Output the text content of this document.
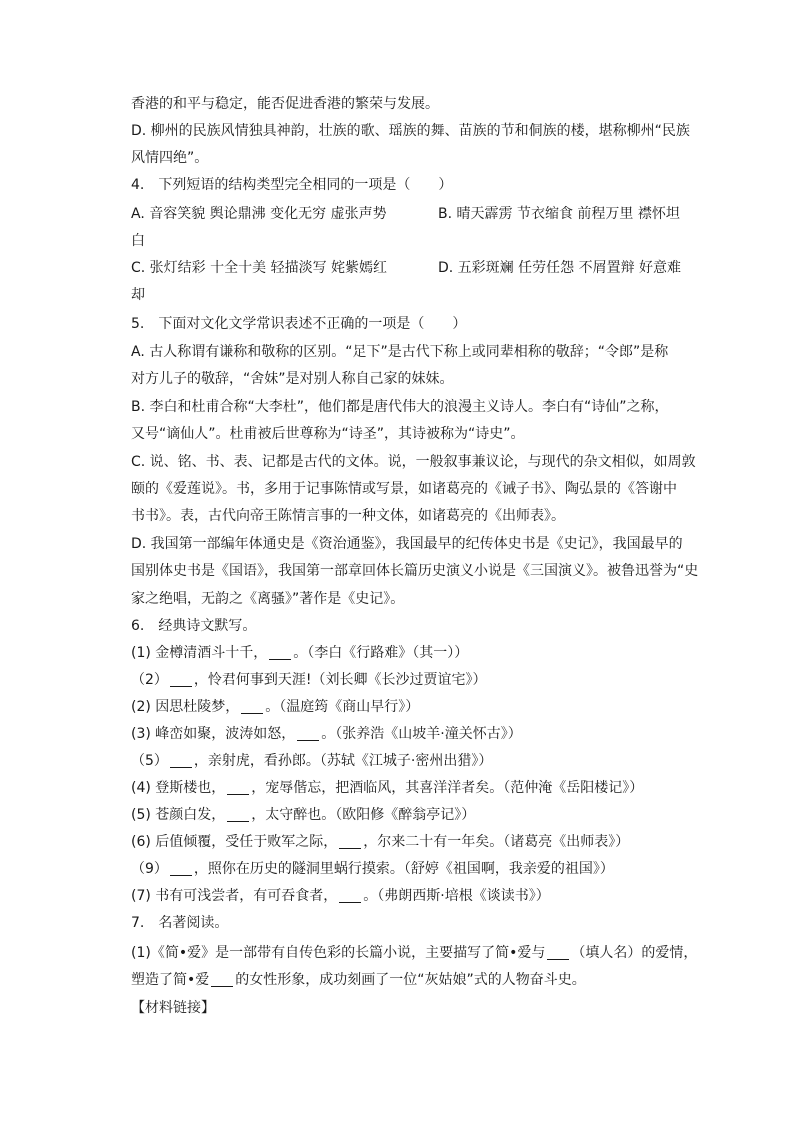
香港的和平与稳定，能否促进香港的繁荣与发展。
D. 柳州的民族风情独具神韵，壮族的歌、瑶族的舞、苗族的节和侗族的楼，堪称柳州“民族
风情四绝”。
4.　下列短语的结构类型完全相同的一项是（　　）
A. 音容笑貌 舆论鼎沸 变化无穷 虚张声势	B. 晴天霹雳 节衣缩食 前程万里 襟怀坦
白
C. 张灯结彩 十全十美 轻描淡写 姹紫嫣红	D. 五彩斑斓 任劳任怨 不屑置辩 好意难
却
5.　下面对文化文学常识表述不正确的一项是（　　）
A. 古人称谓有谦称和敬称的区别。“足下”是古代下称上或同辈相称的敬辞；“令郎”是称
对方儿子的敬辞，“舍妹”是对别人称自己家的妹妹。
B. 李白和杜甫合称“大李杜”，他们都是唐代伟大的浪漫主义诗人。李白有“诗仙”之称，
又号“谪仙人”。杜甫被后世尊称为“诗圣”，其诗被称为“诗史”。
C. 说、铭、书、表、记都是古代的文体。说，一般叙事兼议论，与现代的杂文相似，如周敦
颐的《爱莲说》。书，多用于记事陈情或写景，如诸葛亮的《诫子书》、陶弘景的《答谢中
书书》。表，古代向帝王陈情言事的一种文体，如诸葛亮的《出师表》。
D. 我国第一部编年体通史是《资治通鉴》，我国最早的纪传体史书是《史记》，我国最早的
国别体史书是《国语》，我国第一部章回体长篇历史演义小说是《三国演义》。被鲁迅誉为“史
家之绝唱，无韵之《离骚》”著作是《史记》。
6.　经典诗文默写。
(1) 金樽清酒斗十千， 。（李白《行路难》（其一））
（2） ，怜君何事到天涯!（刘长卿《长沙过贾谊宅》）
(2) 因思杜陵梦， 。（温庭筠《商山早行》）
(3) 峰峦如聚，波涛如怒， 。（张养浩《山坡羊·潼关怀古》）
（5） ，亲射虎，看孙郎。（苏轼《江城子·密州出猎》）
(4) 登斯楼也， ，宠辱偕忘，把酒临风，其喜洋洋者矣。（范仲淹《岳阳楼记》）
(5) 苍颜白发， ，太守醉也。（欧阳修《醉翁亭记》）
(6) 后值倾覆，受任于败军之际， ，尔来二十有一年矣。（诸葛亮《出师表》）
（9） ，照你在历史的隧洞里蜗行摸索。（舒婷《祖国啊，我亲爱的祖国》）
(7) 书有可浅尝者，有可吞食者， 。（弗朗西斯·培根《谈读书》）
7.　名著阅读。
(1)《简•爱》是一部带有自传色彩的长篇小说，主要描写了简•爱与 （填人名）的爱情，
塑造了简•爱 的女性形象，成功刻画了一位“灰姑娘”式的人物奋斗史。
【材料链接】
